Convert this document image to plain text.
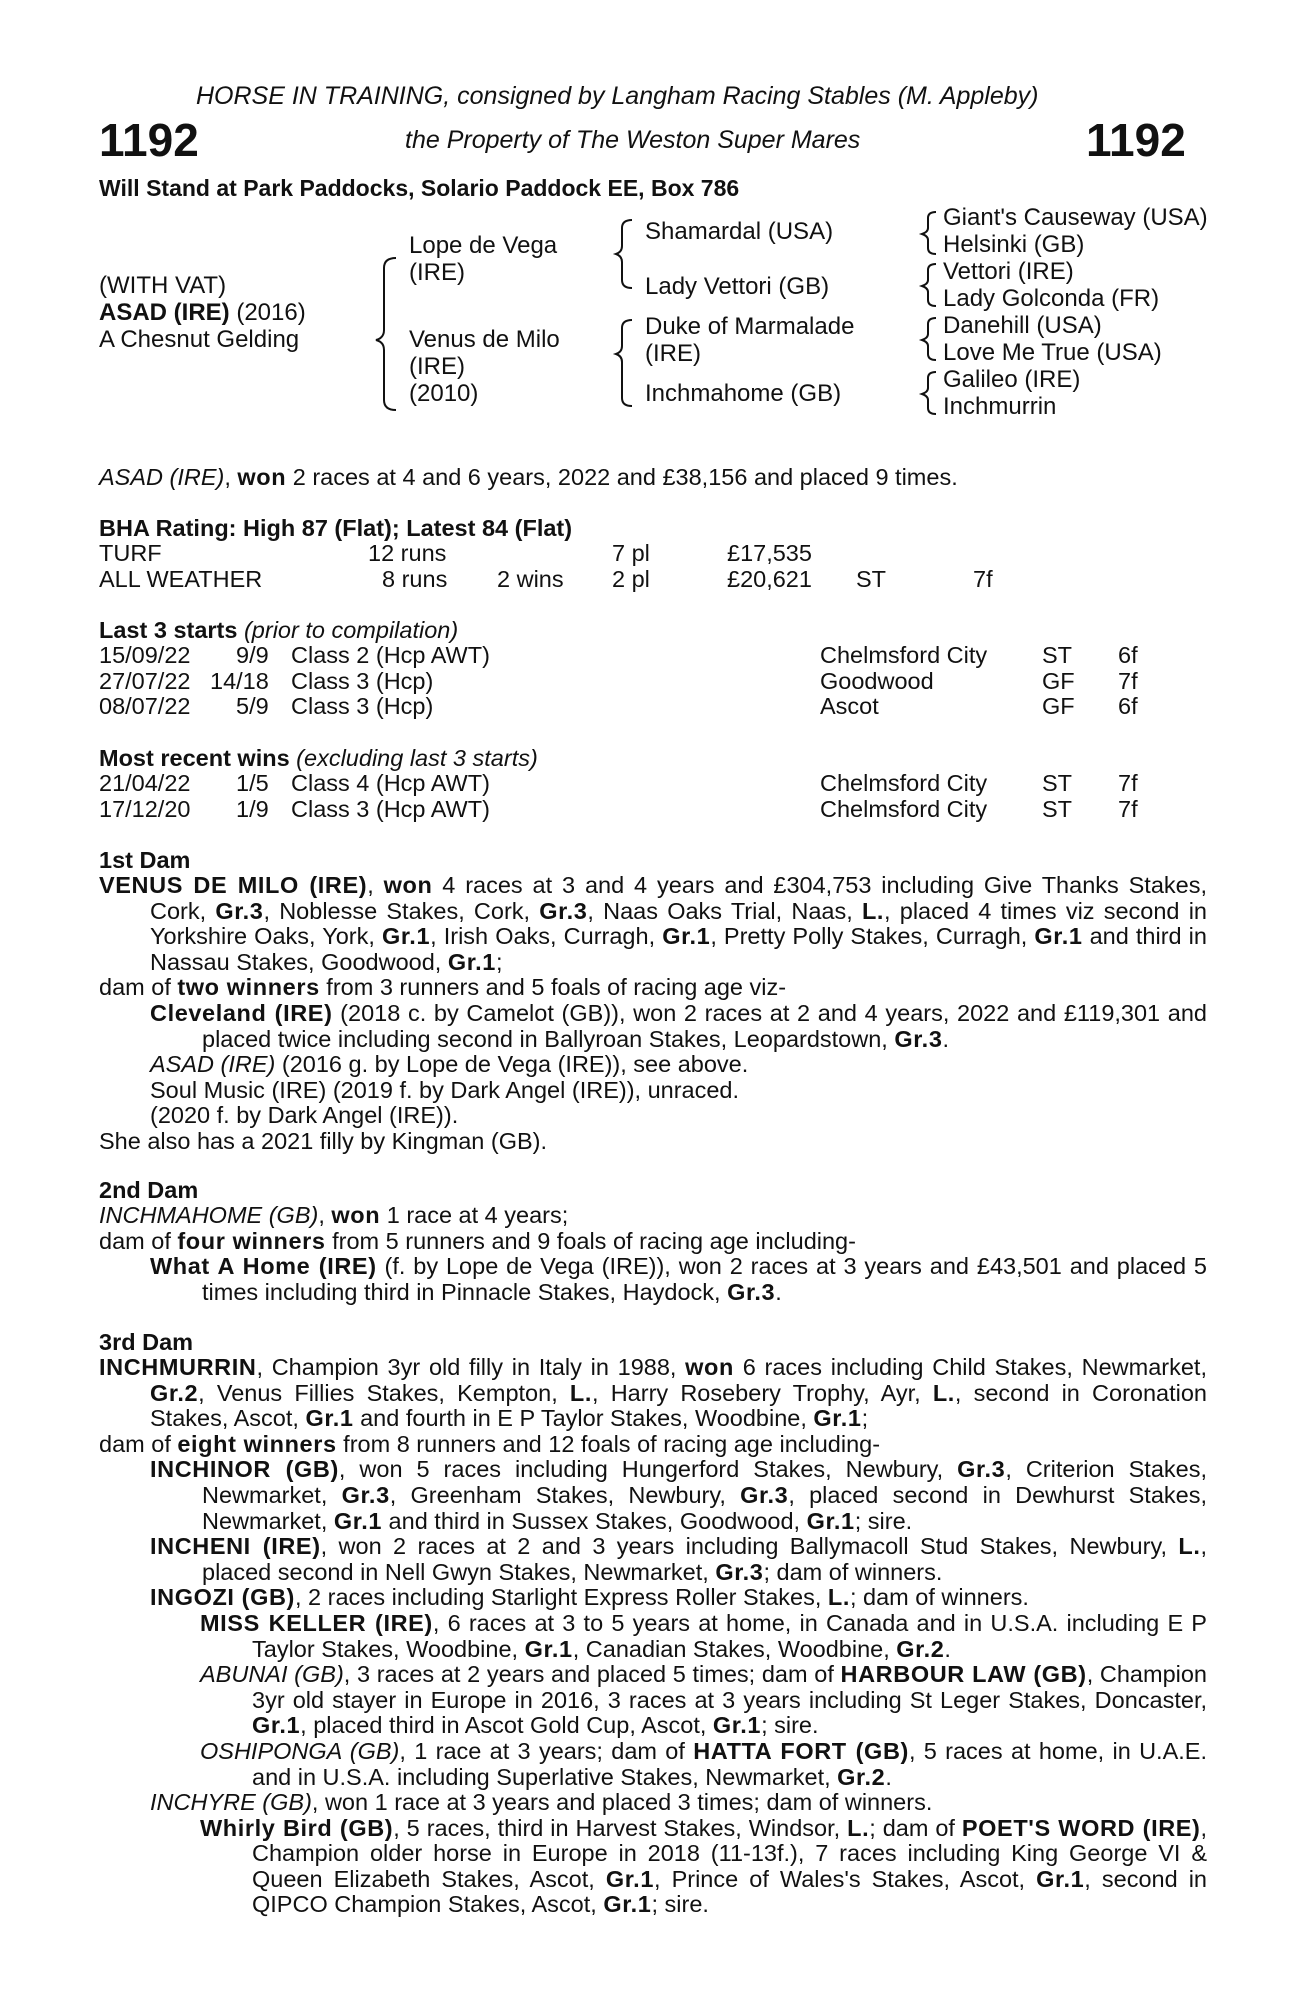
HORSE IN TRAINING, consigned by Langham Racing Stables (M. Appleby)
1192	the Property of The Weston Super Mares	1192
Will Stand at Park Paddocks, Solario Paddock EE, Box 786
(WITH VAT)
ASAD (IRE) (2016)
A Chesnut Gelding
Lope de Vega
(IRE)
Venus de Milo
(IRE)
(2010)
Shamardal (USA)
Lady Vettori (GB)
Duke of Marmalade
(IRE)
Inchmahome (GB)
Giant's Causeway (USA)
Helsinki (GB)
Vettori (IRE)
Lady Golconda (FR)
Danehill (USA)
Love Me True (USA)
Galileo (IRE)
Inchmurrin
ASAD (IRE), won 2 races at 4 and 6 years, 2022 and £38,156 and placed 9 times.
BHA Rating: High 87 (Flat); Latest 84 (Flat)
TURF	12 runs	7 pl	£17,535
ALL WEATHER	8 runs 2 wins 2 pl	£20,621 ST	7f
Last 3 starts (prior to compilation)
15/09/22 9/9 Class 2 (Hcp AWT)	Chelmsford City ST 6f
27/07/22 14/18 Class 3 (Hcp)	Goodwood	GF 7f
08/07/22 5/9 Class 3 (Hcp)	Ascot	GF 6f
Most recent wins (excluding last 3 starts)
21/04/22 1/5 Class 4 (Hcp AWT)	Chelmsford City ST 7f
17/12/20 1/9 Class 3 (Hcp AWT)	Chelmsford City ST 7f
1st Dam

VENUS DE MILO (IRE), won 4 races at 3 and 4 years and £304,753 including Give Thanks Stakes, Cork, Gr.3, Noblesse Stakes, Cork, Gr.3, Naas Oaks Trial, Naas, L., placed 4 times viz second in Yorkshire Oaks, York, Gr.1, Irish Oaks, Curragh, Gr.1, Pretty Polly Stakes, Curragh, Gr.1 and third in Nassau Stakes, Goodwood, Gr.1;

dam of two winners from 3 runners and 5 foals of racing age viz-

Cleveland (IRE) (2018 c. by Camelot (GB)), won 2 races at 2 and 4 years, 2022 and £119,301 and placed twice including second in Ballyroan Stakes, Leopardstown, Gr.3.

ASAD (IRE) (2016 g. by Lope de Vega (IRE)), see above.

Soul Music (IRE) (2019 f. by Dark Angel (IRE)), unraced.

(2020 f. by Dark Angel (IRE)).

She also has a 2021 filly by Kingman (GB).

2nd Dam

INCHMAHOME (GB), won 1 race at 4 years;

dam of four winners from 5 runners and 9 foals of racing age including-

What A Home (IRE) (f. by Lope de Vega (IRE)), won 2 races at 3 years and £43,501 and placed 5 times including third in Pinnacle Stakes, Haydock, Gr.3.

3rd Dam

INCHMURRIN, Champion 3yr old filly in Italy in 1988, won 6 races including Child Stakes, Newmarket, Gr.2, Venus Fillies Stakes, Kempton, L., Harry Rosebery Trophy, Ayr, L., second in Coronation Stakes, Ascot, Gr.1 and fourth in E P Taylor Stakes, Woodbine, Gr.1;

dam of eight winners from 8 runners and 12 foals of racing age including-

INCHINOR (GB), won 5 races including Hungerford Stakes, Newbury, Gr.3, Criterion Stakes, Newmarket, Gr.3, Greenham Stakes, Newbury, Gr.3, placed second in Dewhurst Stakes, Newmarket, Gr.1 and third in Sussex Stakes, Goodwood, Gr.1; sire.

INCHENI (IRE), won 2 races at 2 and 3 years including Ballymacoll Stud Stakes, Newbury, L., placed second in Nell Gwyn Stakes, Newmarket, Gr.3; dam of winners.

INGOZI (GB), 2 races including Starlight Express Roller Stakes, L.; dam of winners.

MISS KELLER (IRE), 6 races at 3 to 5 years at home, in Canada and in U.S.A. including E P Taylor Stakes, Woodbine, Gr.1, Canadian Stakes, Woodbine, Gr.2.

ABUNAI (GB), 3 races at 2 years and placed 5 times; dam of HARBOUR LAW (GB), Champion 3yr old stayer in Europe in 2016, 3 races at 3 years including St Leger Stakes, Doncaster, Gr.1, placed third in Ascot Gold Cup, Ascot, Gr.1; sire.

OSHIPONGA (GB), 1 race at 3 years; dam of HATTA FORT (GB), 5 races at home, in U.A.E. and in U.S.A. including Superlative Stakes, Newmarket, Gr.2.

INCHYRE (GB), won 1 race at 3 years and placed 3 times; dam of winners.

Whirly Bird (GB), 5 races, third in Harvest Stakes, Windsor, L.; dam of POET'S WORD (IRE), Champion older horse in Europe in 2018 (11-13f.), 7 races including King George VI & Queen Elizabeth Stakes, Ascot, Gr.1, Prince of Wales's Stakes, Ascot, Gr.1, second in QIPCO Champion Stakes, Ascot, Gr.1; sire.
